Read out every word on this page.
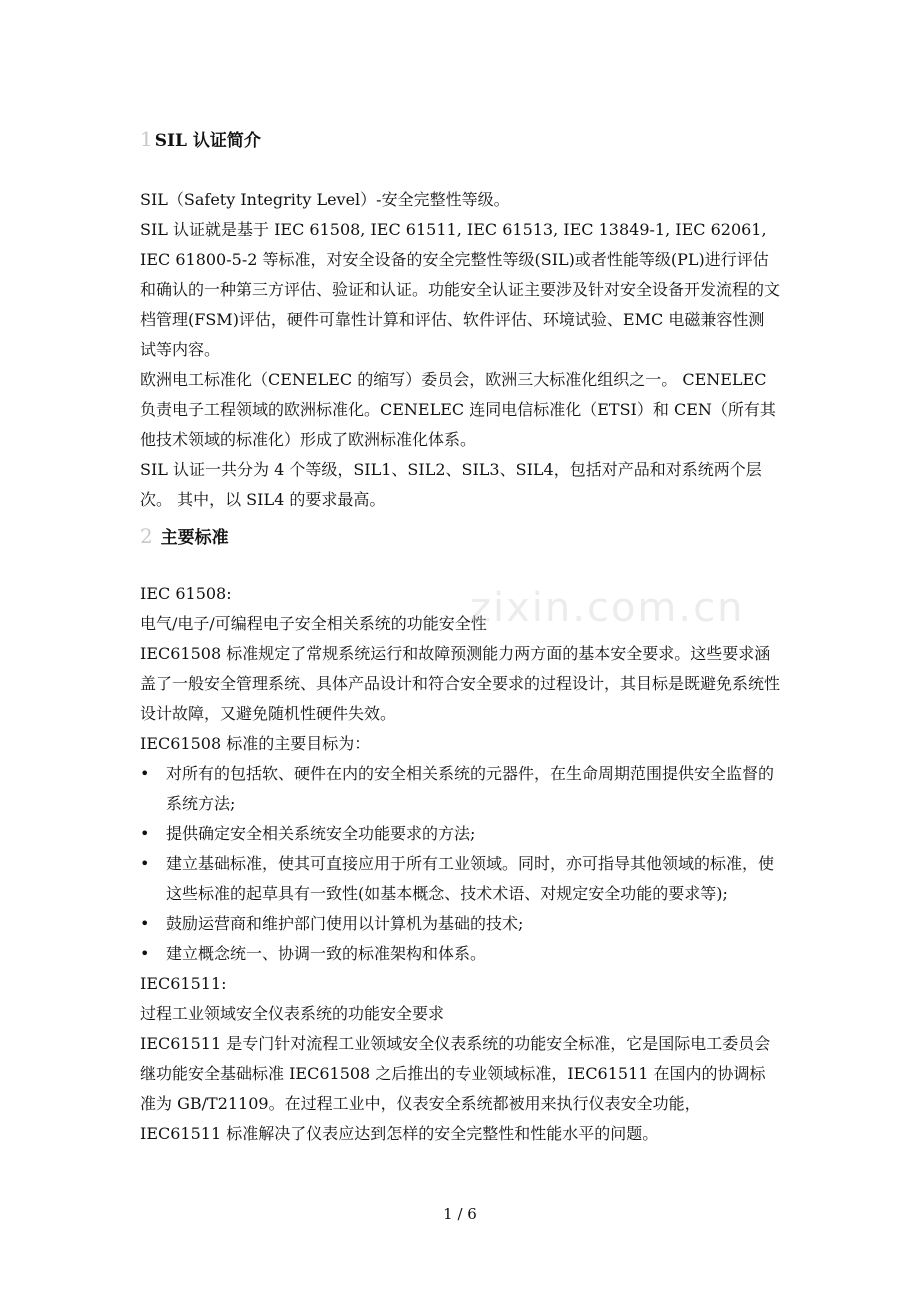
1 SIL 认证简介

SIL（Safety Integrity Level）-安全完整性等级。

SIL 认证就是基于 IEC 61508, IEC 61511, IEC 61513, IEC 13849-1, IEC 62061, IEC 61800-5-2 等标准，对安全设备的安全完整性等级(SIL)或者性能等级(PL)进行评估和确认的一种第三方评估、验证和认证。功能安全认证主要涉及针对安全设备开发流程的文档管理(FSM)评估，硬件可靠性计算和评估、软件评估、环境试验、EMC 电磁兼容性测试等内容。

欧洲电工标准化（CENELEC 的缩写）委员会，欧洲三大标准化组织之一。 CENELEC 负责电子工程领域的欧洲标准化。CENELEC 连同电信标准化（ETSI）和 CEN（所有其他技术领域的标准化）形成了欧洲标准化体系。

SIL 认证一共分为 4 个等级，SIL1、SIL2、SIL3、SIL4，包括对产品和对系统两个层次。 其中，以 SIL4 的要求最高。

2 主要标准

IEC 61508:

电气/电子/可编程电子安全相关系统的功能安全性

IEC61508 标准规定了常规系统运行和故障预测能力两方面的基本安全要求。这些要求涵盖了一般安全管理系统、具体产品设计和符合安全要求的过程设计，其目标是既避免系统性设计故障，又避免随机性硬件失效。

IEC61508 标准的主要目标为：

•	对所有的包括软、硬件在内的安全相关系统的元器件，在生命周期范围提供安全监督的系统方法;
•	提供确定安全相关系统安全功能要求的方法;
•	建立基础标准，使其可直接应用于所有工业领域。同时，亦可指导其他领域的标准，使这些标准的起草具有一致性(如基本概念、技术术语、对规定安全功能的要求等);
•	鼓励运营商和维护部门使用以计算机为基础的技术;
•	建立概念统一、协调一致的标准架构和体系。

IEC61511:

过程工业领域安全仪表系统的功能安全要求

IEC61511 是专门针对流程工业领域安全仪表系统的功能安全标准，它是国际电工委员会继功能安全基础标准 IEC61508 之后推出的专业领域标准，IEC61511 在国内的协调标准为 GB/T21109。在过程工业中，仪表安全系统都被用来执行仪表安全功能，IEC61511 标准解决了仪表应达到怎样的安全完整性和性能水平的问题。

zixin.com.cn
1 / 6
